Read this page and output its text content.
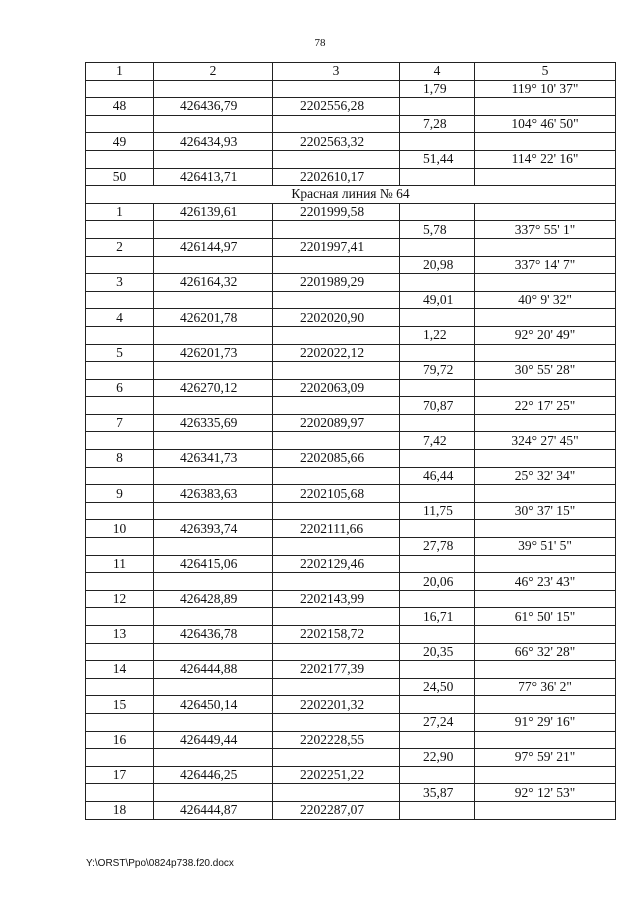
78
1	2	3	4	5
			1,79	119° 10' 37"
48	426436,79	2202556,28		
			7,28	104° 46' 50"
49	426434,93	2202563,32		
			51,44	114° 22' 16"
50	426413,71	2202610,17		
Красная линия № 64				
1	426139,61	2201999,58		
			5,78	337° 55' 1"
2	426144,97	2201997,41		
			20,98	337° 14' 7"
3	426164,32	2201989,29		
			49,01	40° 9' 32"
4	426201,78	2202020,90		
			1,22	92° 20' 49"
5	426201,73	2202022,12		
			79,72	30° 55' 28"
6	426270,12	2202063,09		
			70,87	22° 17' 25"
7	426335,69	2202089,97		
			7,42	324° 27' 45"
8	426341,73	2202085,66		
			46,44	25° 32' 34"
9	426383,63	2202105,68		
			11,75	30° 37' 15"
10	426393,74	2202111,66		
			27,78	39° 51' 5"
11	426415,06	2202129,46		
			20,06	46° 23' 43"
12	426428,89	2202143,99		
			16,71	61° 50' 15"
13	426436,78	2202158,72		
			20,35	66° 32' 28"
14	426444,88	2202177,39		
			24,50	77° 36' 2"
15	426450,14	2202201,32		
			27,24	91° 29' 16"
16	426449,44	2202228,55		
			22,90	97° 59' 21"
17	426446,25	2202251,22		
			35,87	92° 12' 53"
18	426444,87	2202287,07		
Y:\ORST\Ppo\0824p738.f20.docx
